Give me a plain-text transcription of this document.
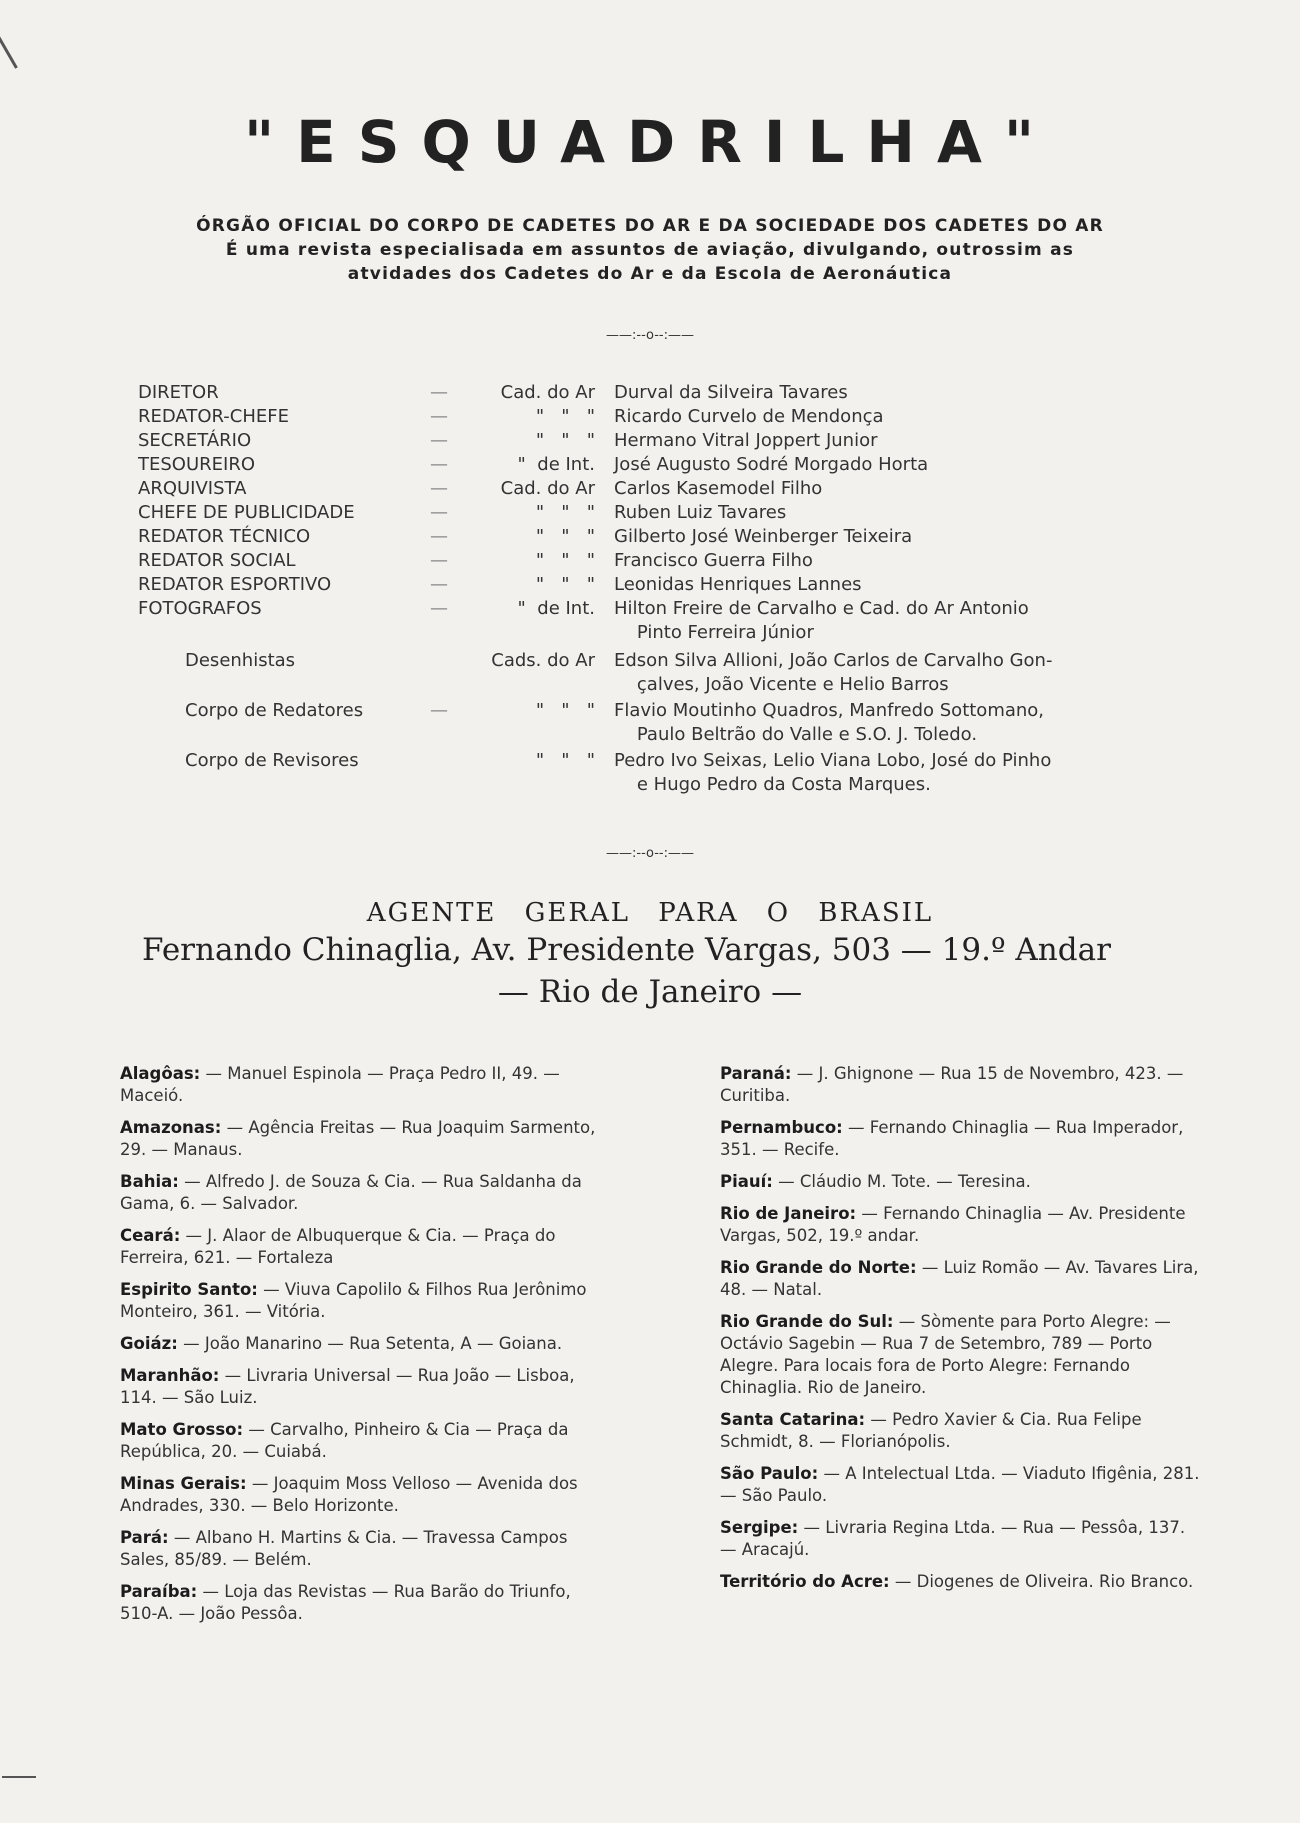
"ESQUADRILHA"
ÓRGÃO OFICIAL DO CORPO DE CADETES DO AR E DA SOCIEDADE DOS CADETES DO AR
É uma revista especialisada em assuntos de aviação, divulgando, outrossim as
atvidades dos Cadetes do Ar e da Escola de Aeronáutica
——:--o--:——
DIRETOR	—	Cad. do Ar Durval da Silveira Tavares
REDATOR-CHEFE	—	"   "   " Ricardo Curvelo de Mendonça
SECRETÁRIO	—	"   "   " Hermano Vitral Joppert Junior
TESOUREIRO	—	"  de Int. José Augusto Sodré Morgado Horta
ARQUIVISTA	—	Cad. do Ar Carlos Kasemodel Filho
CHEFE DE PUBLICIDADE	—	"   "   " Ruben Luiz Tavares
REDATOR TÉCNICO	—	"   "   " Gilberto José Weinberger Teixeira
REDATOR SOCIAL	—	"   "   " Francisco Guerra Filho
REDATOR ESPORTIVO	—	"   "   " Leonidas Henriques Lannes
FOTOGRAFOS	—	"  de Int. Hilton Freire de Carvalho e Cad. do Ar Antonio
Pinto Ferreira Júnior
Desenhistas	Cads. do Ar Edson Silva Allioni, João Carlos de Carvalho Gon-
çalves, João Vicente e Helio Barros
Corpo de Redatores	—	"   "   " Flavio Moutinho Quadros, Manfredo Sottomano,
Paulo Beltrão do Valle e S.O. J. Toledo.
Corpo de Revisores	"   "   " Pedro Ivo Seixas, Lelio Viana Lobo, José do Pinho
e Hugo Pedro da Costa Marques.
——:--o--:——
AGENTE GERAL PARA O BRASIL
Fernando Chinaglia, Av. Presidente Vargas, 503 — 19.º Andar
— Rio de Janeiro —
Alagôas: — Manuel Espinola — Praça Pedro II, 49. — Maceió.
Amazonas: — Agência Freitas — Rua Joaquim Sarmento, 29. — Manaus.
Bahia: — Alfredo J. de Souza & Cia. — Rua Saldanha da Gama, 6. — Salvador.
Ceará: — J. Alaor de Albuquerque & Cia. — Praça do Ferreira, 621. — Fortaleza
Espirito Santo: — Viuva Capolilo & Filhos Rua Jerônimo Monteiro, 361. — Vitória.
Goiáz: — João Manarino — Rua Setenta, A — Goiana.
Maranhão: — Livraria Universal — Rua João — Lisboa, 114. — São Luiz.
Mato Grosso: — Carvalho, Pinheiro & Cia — Praça da República, 20. — Cuiabá.
Minas Gerais: — Joaquim Moss Velloso — Avenida dos Andrades, 330. — Belo Horizonte.
Pará: — Albano H. Martins & Cia. — Travessa Campos Sales, 85/89. — Belém.
Paraíba: — Loja das Revistas — Rua Barão do Triunfo, 510-A. — João Pessôa.
Paraná: — J. Ghignone — Rua 15 de Novembro, 423. — Curitiba.
Pernambuco: — Fernando Chinaglia — Rua Imperador, 351. — Recife.
Piauí: — Cláudio M. Tote. — Teresina.
Rio de Janeiro: — Fernando Chinaglia — Av. Presidente Vargas, 502, 19.º andar.
Rio Grande do Norte: — Luiz Romão — Av. Tavares Lira, 48. — Natal.
Rio Grande do Sul: — Sòmente para Porto Alegre: — Octávio Sagebin — Rua 7 de Setembro, 789 — Porto Alegre. Para locais fora de Porto Alegre: Fernando Chinaglia. Rio de Janeiro.
Santa Catarina: — Pedro Xavier & Cia. Rua Felipe Schmidt, 8. — Florianópolis.
São Paulo: — A Intelectual Ltda. — Viaduto Ifigênia, 281. — São Paulo.
Sergipe: — Livraria Regina Ltda. — Rua — Pessôa, 137. — Aracajú.
Território do Acre: — Diogenes de Oliveira. Rio Branco.
